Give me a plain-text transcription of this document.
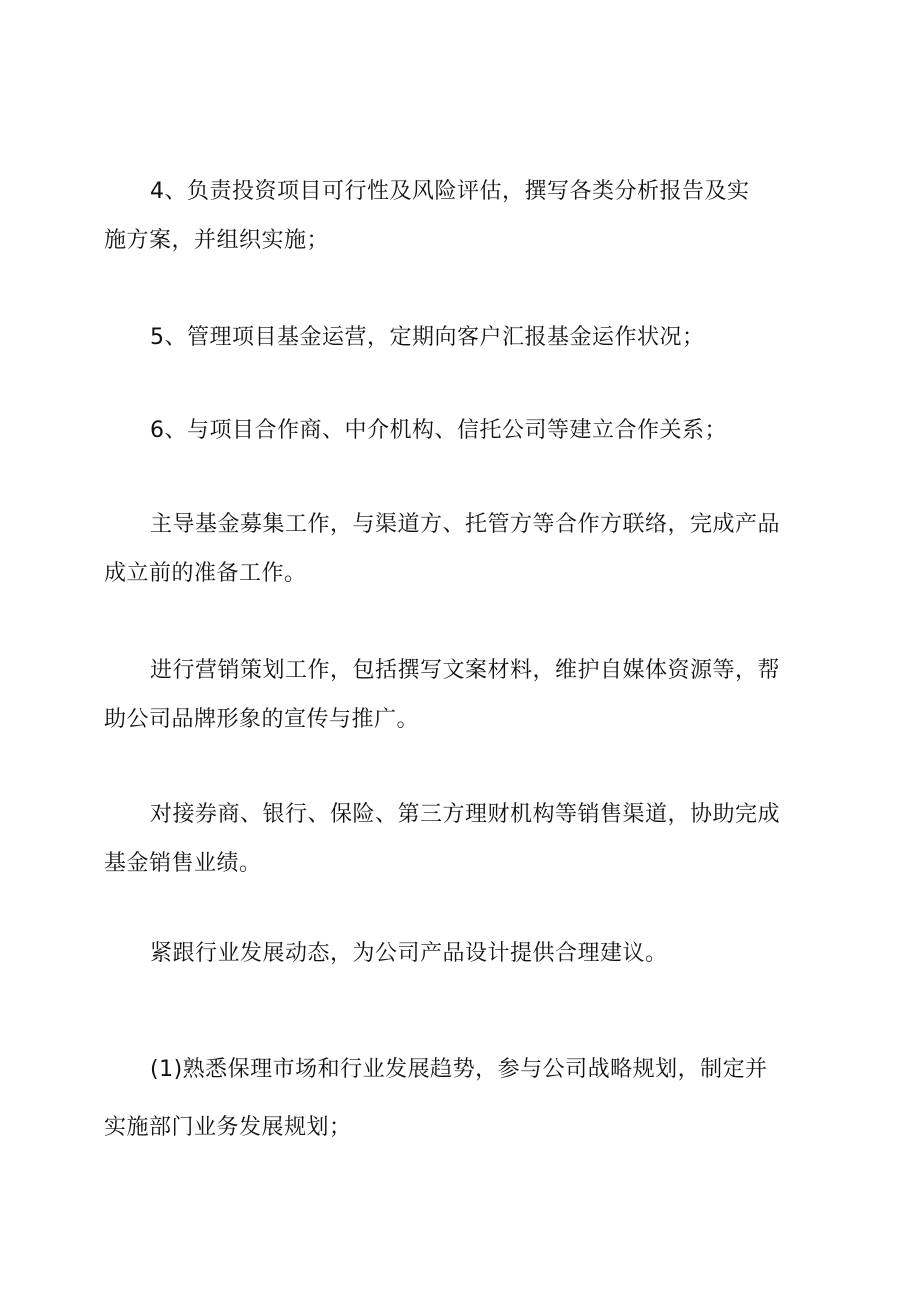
4、负责投资项目可行性及风险评估，撰写各类分析报告及实
施方案，并组织实施；
5、管理项目基金运营，定期向客户汇报基金运作状况；
6、与项目合作商、中介机构、信托公司等建立合作关系；
主导基金募集工作，与渠道方、托管方等合作方联络，完成产品
成立前的准备工作。
进行营销策划工作，包括撰写文案材料，维护自媒体资源等，帮
助公司品牌形象的宣传与推广。
对接券商、银行、保险、第三方理财机构等销售渠道，协助完成
基金销售业绩。
紧跟行业发展动态，为公司产品设计提供合理建议。
(1)熟悉保理市场和行业发展趋势，参与公司战略规划，制定并
实施部门业务发展规划；
